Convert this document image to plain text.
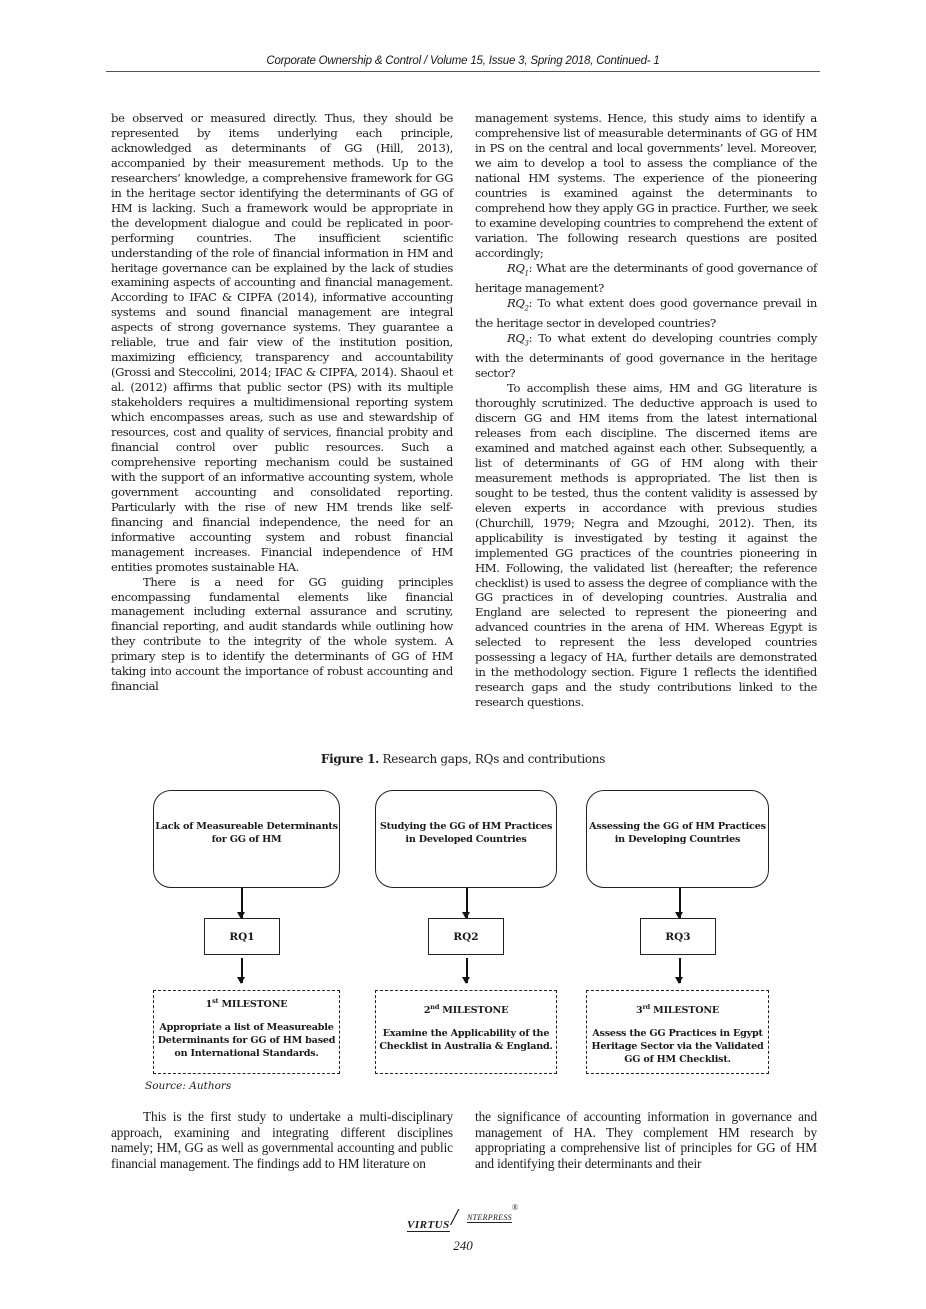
Corporate Ownership & Control / Volume 15, Issue 3, Spring 2018, Continued- 1

be observed or measured directly. Thus, they should be represented by items underlying each principle, acknowledged as determinants of GG (Hill, 2013), accompanied by their measurement methods. Up to the researchers’ knowledge, a comprehensive framework for GG in the heritage sector identifying the determinants of GG of HM is lacking. Such a framework would be appropriate in the development dialogue and could be replicated in poor-performing countries. The insufficient scientific understanding of the role of financial information in HM and heritage governance can be explained by the lack of studies examining aspects of accounting and financial management. According to IFAC & CIPFA (2014), informative accounting systems and sound financial management are integral aspects of strong governance systems. They guarantee a reliable, true and fair view of the institution position, maximizing efficiency, transparency and accountability (Grossi and Steccolini, 2014; IFAC & CIPFA, 2014). Shaoul et al. (2012) affirms that public sector (PS) with its multiple stakeholders requires a multidimensional reporting system which encompasses areas, such as use and stewardship of resources, cost and quality of services, financial probity and financial control over public resources. Such a comprehensive reporting mechanism could be sustained with the support of an informative accounting system, whole government accounting and consolidated reporting. Particularly with the rise of new HM trends like self-financing and financial independence, the need for an informative accounting system and robust financial management increases. Financial independence of HM entities promotes sustainable HA.

There is a need for GG guiding principles encompassing fundamental elements like financial management including external assurance and scrutiny, financial reporting, and audit standards while outlining how they contribute to the integrity of the whole system. A primary step is to identify the determinants of GG of HM taking into account the importance of robust accounting and financial

management systems. Hence, this study aims to identify a comprehensive list of measurable determinants of GG of HM in PS on the central and local governments’ level. Moreover, we aim to develop a tool to assess the compliance of the national HM systems. The experience of the pioneering countries is examined against the determinants to comprehend how they apply GG in practice. Further, we seek to examine developing countries to comprehend the extent of variation. The following research questions are posited accordingly;

$RQ_1$: What are the determinants of good governance of heritage management?

$RQ_2$: To what extent does good governance prevail in the heritage sector in developed countries?

$RQ_3$: To what extent do developing countries comply with the determinants of good governance in the heritage sector?

To accomplish these aims, HM and GG literature is thoroughly scrutinized. The deductive approach is used to discern GG and HM items from the latest international releases from each discipline. The discerned items are examined and matched against each other. Subsequently, a list of determinants of GG of HM along with their measurement methods is appropriated. The list then is sought to be tested, thus the content validity is assessed by eleven experts in accordance with previous studies (Churchill, 1979; Negra and Mzoughi, 2012). Then, its applicability is investigated by testing it against the implemented GG practices of the countries pioneering in HM. Following, the validated list (hereafter; the reference checklist) is used to assess the degree of compliance with the GG practices in of developing countries. Australia and England are selected to represent the pioneering and advanced countries in the arena of HM. Whereas Egypt is selected to represent the less developed countries possessing a legacy of HA, further details are demonstrated in the methodology section. Figure 1 reflects the identified research gaps and the study contributions linked to the research questions.

Figure 1. Research gaps, RQs and contributions
Lack of Measureable Determinants for GG of HM
Studying the GG of HM Practices in Developed Countries
Assessing the GG of HM Practices in Developing Countries
RQ1	RQ2	RQ3
1st MILESTONE
Appropriate a list of Measureable Determinants for GG of HM based on International Standards.
2nd MILESTONE
Examine the Applicability of the Checklist in Australia & England.
3rd MILESTONE
Assess the GG Practices in Egypt Heritage Sector via the Validated GG of HM Checklist.
Source: Authors

This is the first study to undertake a multi-disciplinary approach, examining and integrating different disciplines namely; HM, GG as well as governmental accounting and public financial management. The findings add to HM literature on

the significance of accounting information in governance and management of HA. They complement HM research by appropriating a comprehensive list of principles for GG of HM and identifying their determinants and their

VIRTUS / NTERPRESS
®
240
